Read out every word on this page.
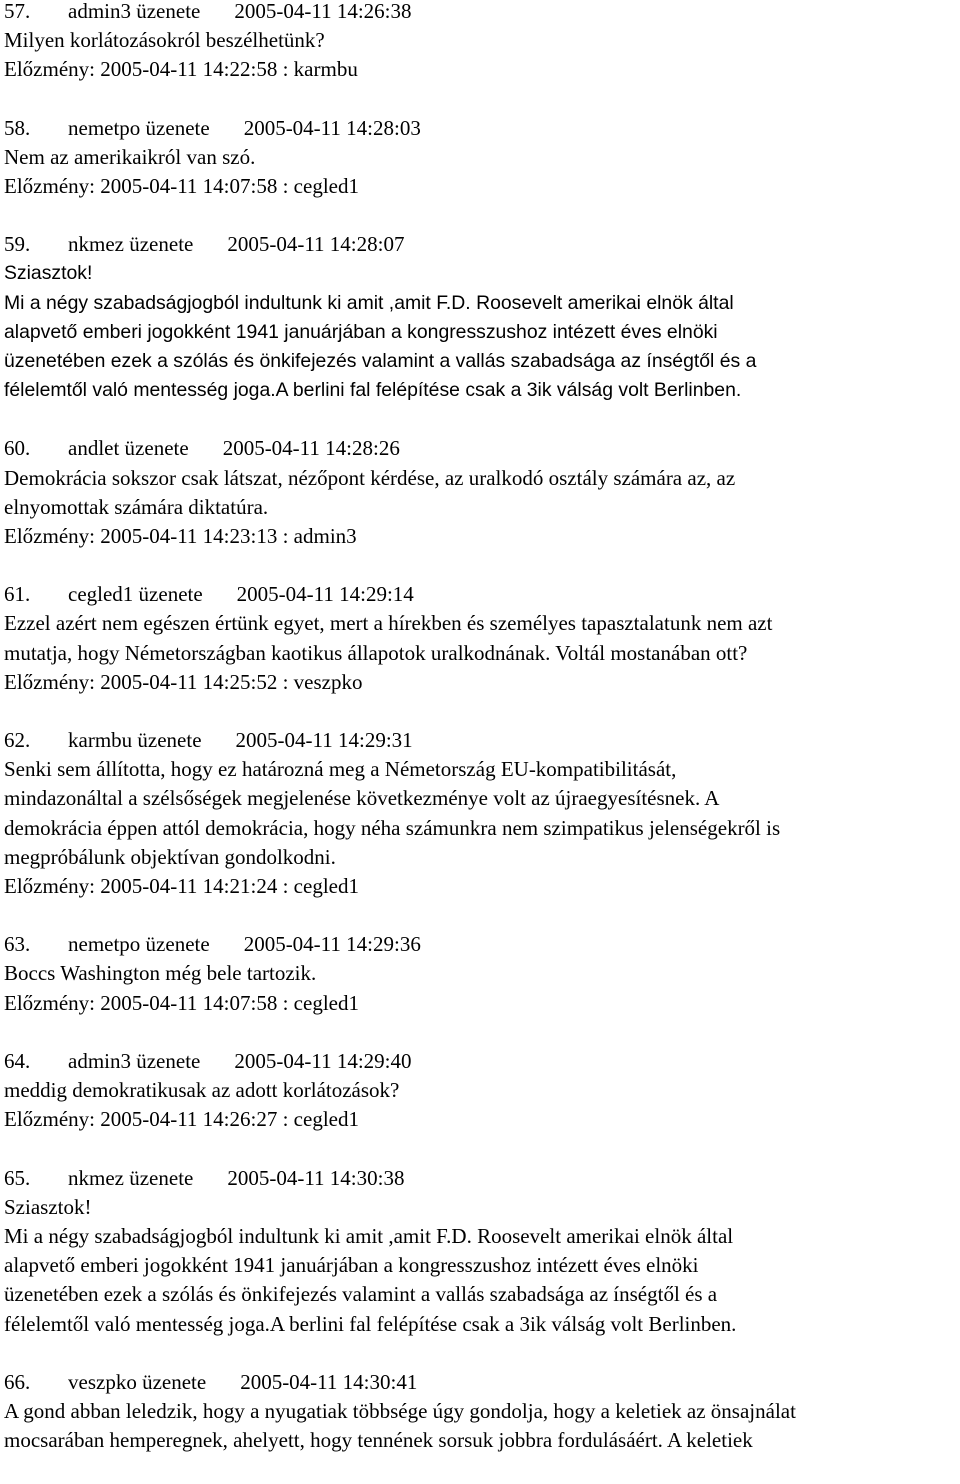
57. admin3 üzenete 2005-04-11 14:26:38
Milyen korlátozásokról beszélhetünk?
Előzmény: 2005-04-11 14:22:58 : karmbu
58. nemetpo üzenete 2005-04-11 14:28:03
Nem az amerikaikról van szó.
Előzmény: 2005-04-11 14:07:58 : cegled1
59. nkmez üzenete 2005-04-11 14:28:07
Sziasztok!
Mi a négy szabadságjogból indultunk ki amit ,amit F.D. Roosevelt amerikai elnök által
alapvető emberi jogokként 1941 januárjában a kongresszushoz intézett éves elnöki
üzenetében ezek a szólás és önkifejezés valamint a vallás szabadsága az ínségtől és a
félelemtől való mentesség joga.A berlini fal felépítése csak a 3ik válság volt Berlinben.
60. andlet üzenete 2005-04-11 14:28:26
Demokrácia sokszor csak látszat, nézőpont kérdése, az uralkodó osztály számára az, az
elnyomottak számára diktatúra.
Előzmény: 2005-04-11 14:23:13 : admin3
61. cegled1 üzenete 2005-04-11 14:29:14
Ezzel azért nem egészen értünk egyet, mert a hírekben és személyes tapasztalatunk nem azt
mutatja, hogy Németországban kaotikus állapotok uralkodnának. Voltál mostanában ott?
Előzmény: 2005-04-11 14:25:52 : veszpko
62. karmbu üzenete 2005-04-11 14:29:31
Senki sem állította, hogy ez határozná meg a Németország EU-kompatibilitását,
mindazonáltal a szélsőségek megjelenése következménye volt az újraegyesítésnek. A
demokrácia éppen attól demokrácia, hogy néha számunkra nem szimpatikus jelenségekről is
megpróbálunk objektívan gondolkodni.
Előzmény: 2005-04-11 14:21:24 : cegled1
63. nemetpo üzenete 2005-04-11 14:29:36
Boccs Washington még bele tartozik.
Előzmény: 2005-04-11 14:07:58 : cegled1
64. admin3 üzenete 2005-04-11 14:29:40
meddig demokratikusak az adott korlátozások?
Előzmény: 2005-04-11 14:26:27 : cegled1
65. nkmez üzenete 2005-04-11 14:30:38
Sziasztok!
Mi a négy szabadságjogból indultunk ki amit ,amit F.D. Roosevelt amerikai elnök által
alapvető emberi jogokként 1941 januárjában a kongresszushoz intézett éves elnöki
üzenetében ezek a szólás és önkifejezés valamint a vallás szabadsága az ínségtől és a
félelemtől való mentesség joga.A berlini fal felépítése csak a 3ik válság volt Berlinben.
66. veszpko üzenete 2005-04-11 14:30:41
A gond abban leledzik, hogy a nyugatiak többsége úgy gondolja, hogy a keletiek az önsajnálat
mocsarában hemperegnek, ahelyett, hogy tennének sorsuk jobbra fordulásáért. A keletiek
